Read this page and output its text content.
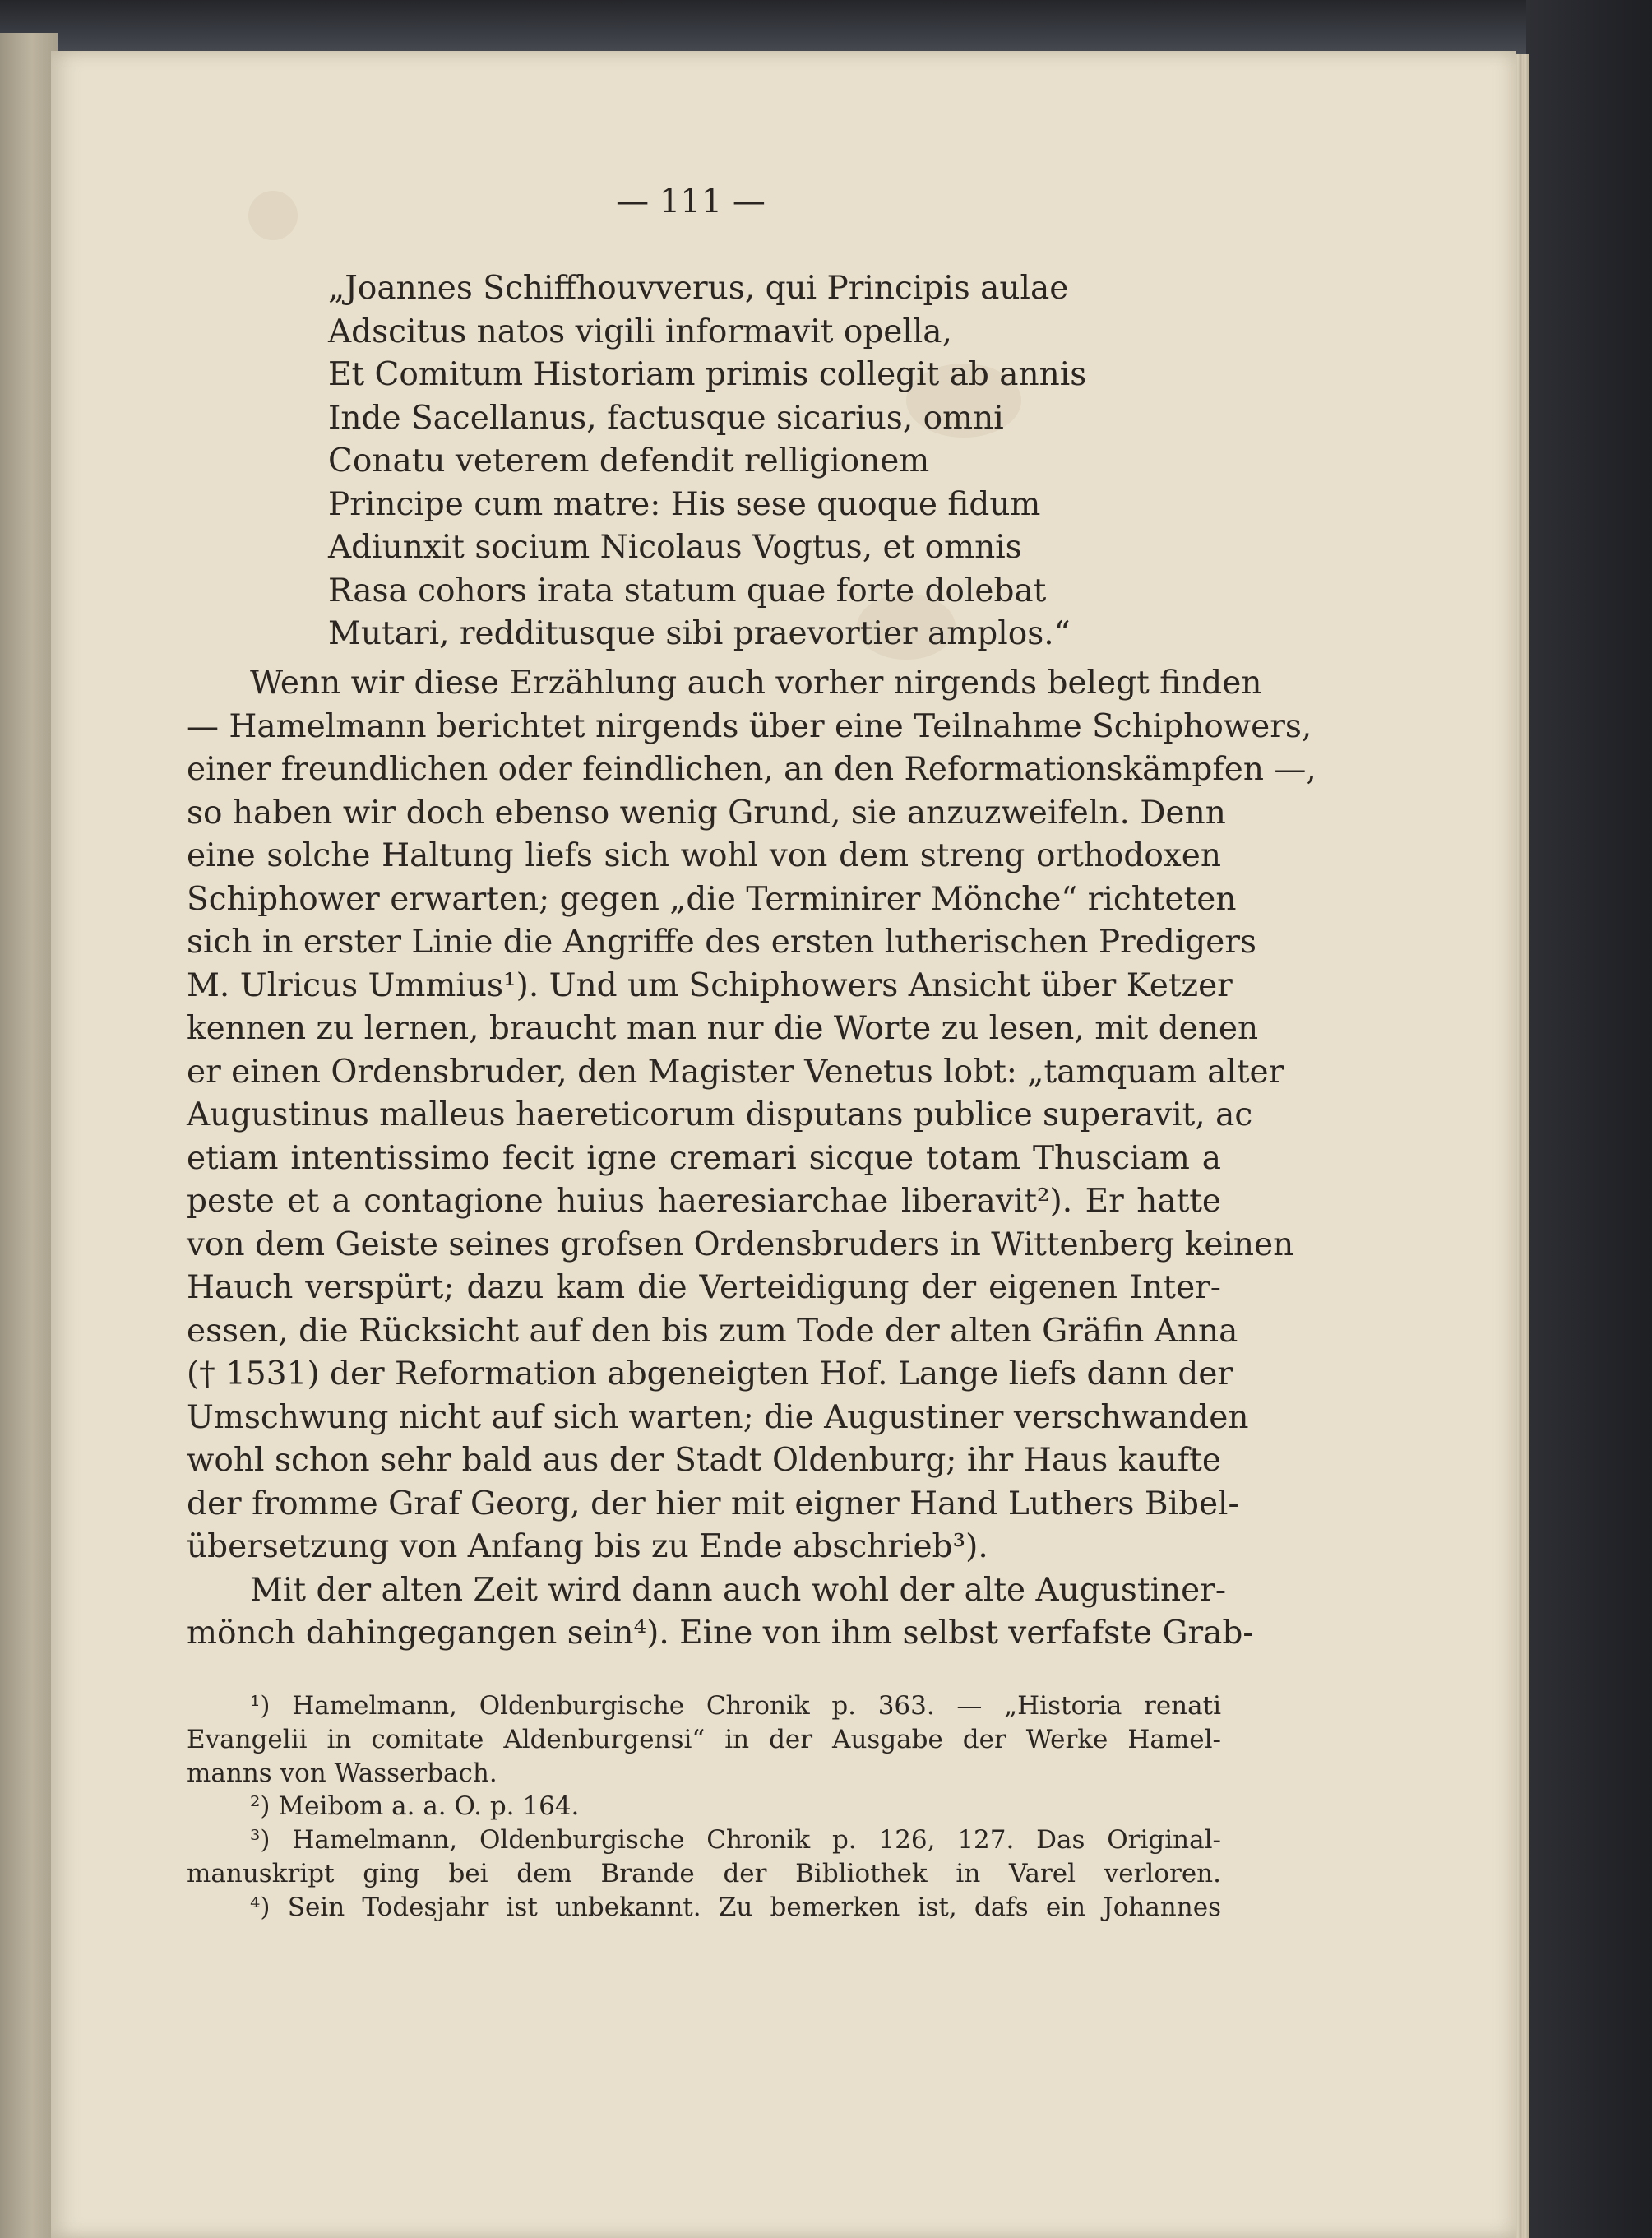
— 111 —
„Joannes Schiffhouvverus, qui Principis aulae
Adscitus natos vigili informavit opella,
Et Comitum Historiam primis collegit ab annis
Inde Sacellanus, factusque sicarius, omni
Conatu veterem defendit relligionem
Principe cum matre: His sese quoque fidum
Adiunxit socium Nicolaus Vogtus, et omnis
Rasa cohors irata statum quae forte dolebat
Mutari, redditusque sibi praevortier amplos.“
Wenn wir diese Erzählung auch vorher nirgends belegt finden
— Hamelmann berichtet nirgends über eine Teilnahme Schiphowers,
einer freundlichen oder feindlichen, an den Reformationskämpfen —,
so haben wir doch ebenso wenig Grund, sie anzuzweifeln. Denn
eine solche Haltung liefs sich wohl von dem streng orthodoxen
Schiphower erwarten; gegen „die Terminirer Mönche“ richteten
sich in erster Linie die Angriffe des ersten lutherischen Predigers
M. Ulricus Ummius¹). Und um Schiphowers Ansicht über Ketzer
kennen zu lernen, braucht man nur die Worte zu lesen, mit denen
er einen Ordensbruder, den Magister Venetus lobt: „tamquam alter
Augustinus malleus haereticorum disputans publice superavit, ac
etiam intentissimo fecit igne cremari sicque totam Thusciam a
peste et a contagione huius haeresiarchae liberavit²). Er hatte
von dem Geiste seines grofsen Ordensbruders in Wittenberg keinen
Hauch verspürt; dazu kam die Verteidigung der eigenen Inter-
essen, die Rücksicht auf den bis zum Tode der alten Gräfin Anna
(† 1531) der Reformation abgeneigten Hof. Lange liefs dann der
Umschwung nicht auf sich warten; die Augustiner verschwanden
wohl schon sehr bald aus der Stadt Oldenburg; ihr Haus kaufte
der fromme Graf Georg, der hier mit eigner Hand Luthers Bibel-
übersetzung von Anfang bis zu Ende abschrieb³).
Mit der alten Zeit wird dann auch wohl der alte Augustiner-
mönch dahingegangen sein⁴). Eine von ihm selbst verfafste Grab-
¹) Hamelmann, Oldenburgische Chronik p. 363. — „Historia renati
Evangelii in comitate Aldenburgensi“ in der Ausgabe der Werke Hamel-
manns von Wasserbach.
²) Meibom a. a. O. p. 164.
³) Hamelmann, Oldenburgische Chronik p. 126, 127. Das Original-
manuskript ging bei dem Brande der Bibliothek in Varel verloren.
⁴) Sein Todesjahr ist unbekannt. Zu bemerken ist, dafs ein Johannes
